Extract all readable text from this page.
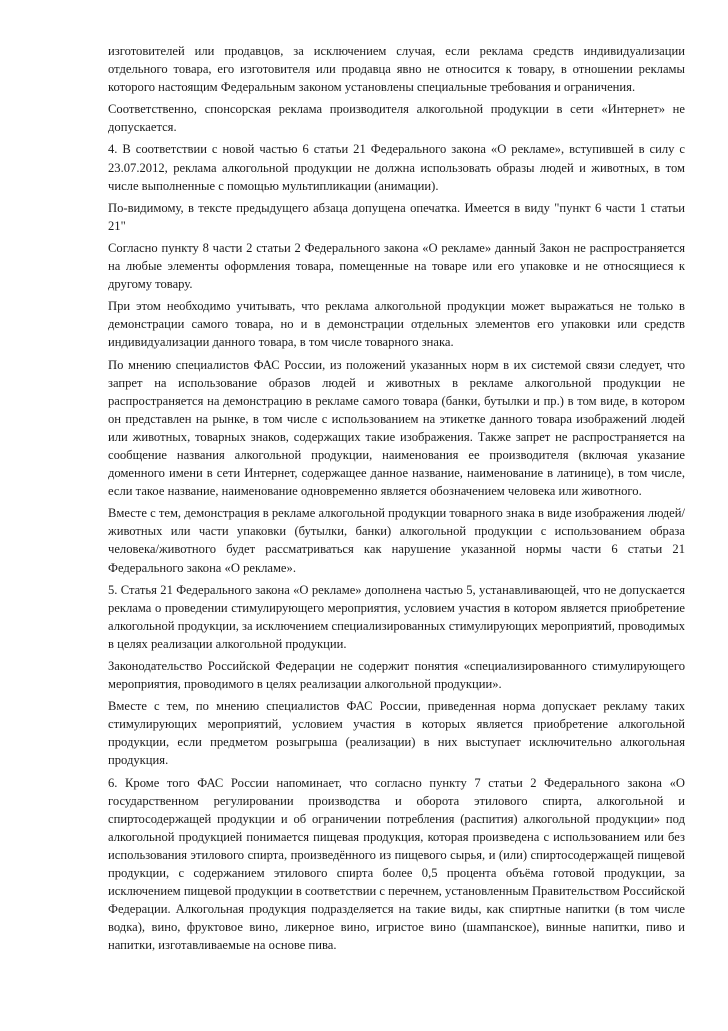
изготовителей или продавцов, за исключением случая, если реклама средств индивидуализации отдельного товара, его изготовителя или продавца явно не относится к товару, в отношении рекламы которого настоящим Федеральным законом установлены специальные требования и ограничения.

Соответственно, спонсорская реклама производителя алкогольной продукции в сети «Интернет» не допускается.

4. В соответствии с новой частью 6 статьи 21 Федерального закона «О рекламе», вступившей в силу с 23.07.2012, реклама алкогольной продукции не должна использовать образы людей и животных, в том числе выполненные с помощью мультипликации (анимации).

По-видимому, в тексте предыдущего абзаца допущена опечатка. Имеется в виду "пункт 6 части 1 статьи 21"

Согласно пункту 8 части 2 статьи 2 Федерального закона «О рекламе» данный Закон не распространяется на любые элементы оформления товара, помещенные на товаре или его упаковке и не относящиеся к другому товару.

При этом необходимо учитывать, что реклама алкогольной продукции может выражаться не только в демонстрации самого товара, но и в демонстрации отдельных элементов его упаковки или средств индивидуализации данного товара, в том числе товарного знака.

По мнению специалистов ФАС России, из положений указанных норм в их системой связи следует, что запрет на использование образов людей и животных в рекламе алкогольной продукции не распространяется на демонстрацию в рекламе самого товара (банки, бутылки и пр.) в том виде, в котором он представлен на рынке, в том числе с использованием на этикетке данного товара изображений людей или животных, товарных знаков, содержащих такие изображения. Также запрет не распространяется на сообщение названия алкогольной продукции, наименования ее производителя (включая указание доменного имени в сети Интернет, содержащее данное название, наименование в латинице), в том числе, если такое название, наименование одновременно является обозначением человека или животного.

Вместе с тем, демонстрация в рекламе алкогольной продукции товарного знака в виде изображения людей/животных или части упаковки (бутылки, банки) алкогольной продукции с использованием образа человека/животного будет рассматриваться как нарушение указанной нормы части 6 статьи 21 Федерального закона «О рекламе».

5. Статья 21 Федерального закона «О рекламе» дополнена частью 5, устанавливающей, что не допускается реклама о проведении стимулирующего мероприятия, условием участия в котором является приобретение алкогольной продукции, за исключением специализированных стимулирующих мероприятий, проводимых в целях реализации алкогольной продукции.

Законодательство Российской Федерации не содержит понятия «специализированного стимулирующего мероприятия, проводимого в целях реализации алкогольной продукции».

Вместе с тем, по мнению специалистов ФАС России, приведенная норма допускает рекламу таких стимулирующих мероприятий, условием участия в которых является приобретение алкогольной продукции, если предметом розыгрыша (реализации) в них выступает исключительно алкогольная продукция.

6. Кроме того ФАС России напоминает, что согласно пункту 7 статьи 2 Федерального закона «О государственном регулировании производства и оборота этилового спирта, алкогольной и спиртосодержащей продукции и об ограничении потребления (распития) алкогольной продукции» под алкогольной продукцией понимается пищевая продукция, которая произведена с использованием или без использования этилового спирта, произведённого из пищевого сырья, и (или) спиртосодержащей пищевой продукции, с содержанием этилового спирта более 0,5 процента объёма готовой продукции, за исключением пищевой продукции в соответствии с перечнем, установленным Правительством Российской Федерации. Алкогольная продукция подразделяется на такие виды, как спиртные напитки (в том числе водка), вино, фруктовое вино, ликерное вино, игристое вино (шампанское), винные напитки, пиво и напитки, изготавливаемые на основе пива.
